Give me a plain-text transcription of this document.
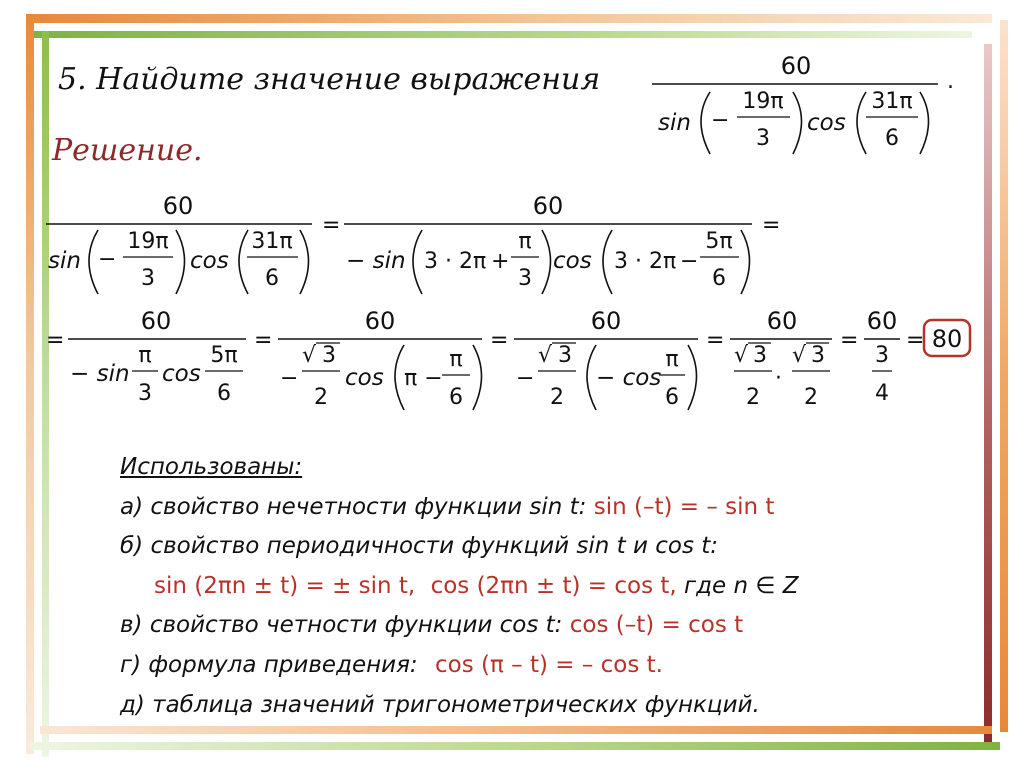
5. Найдите значение выражения
Решение.
60
.
sin −
19π
3
cos
31π
6
60
sin −
19π
3
cos
31π
6
=
60
− sin 3 · 2π +
π
3
cos 3 · 2π −
5π
6
=
=
60
− sin
π
3
cos
5π
6
=
60
−
√ 3
2
cos π −
π
6
=
60
−
√ 3
2
− cos
π
6
=
60
√ 3
2
·
√ 3
2
=
60
3
4
= 80
Использованы:
а) свойство нечетности функции sin t: sin (–t) = – sin t
б) свойство периодичности функций sin t и cos t:
sin (2πn ± t) = ± sin t, cos (2πn ± t) = cos t, где n ∈ Z
в) свойство четности функции cos t: cos (–t) = cos t
г) формула приведения: cos (π – t) = – cos t.
д) таблица значений тригонометрических функций.
